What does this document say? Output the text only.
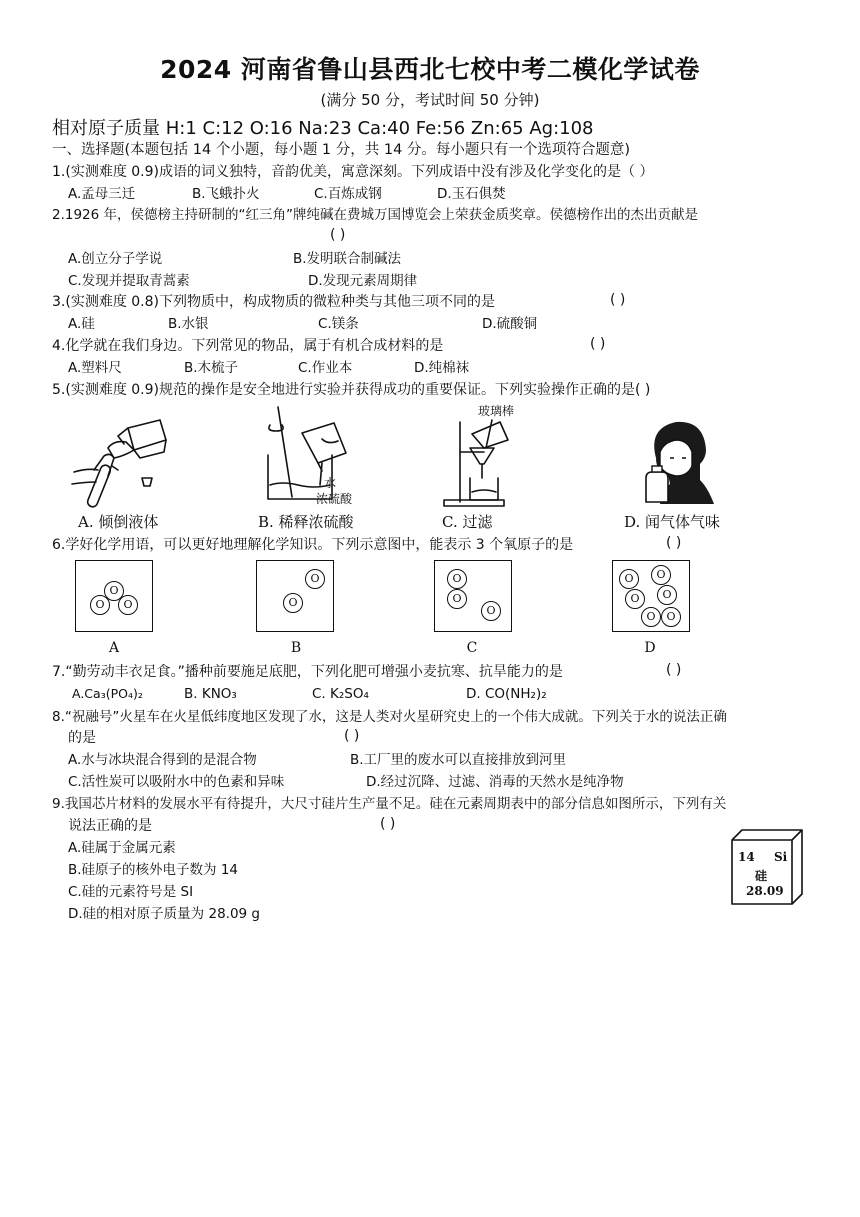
2024 河南省鲁山县西北七校中考二模化学试卷
(满分 50 分，考试时间 50 分钟)
相对原子质量 H:1 C:12 O:16 Na:23 Ca:40 Fe:56 Zn:65 Ag:108
一、选择题(本题包括 14 个小题，每小题 1 分，共 14 分。每小题只有一个选项符合题意)
1.(实测难度 0.9)成语的词义独特，音韵优美，寓意深刻。下列成语中没有涉及化学变化的是（ ）
A.孟母三迁	B.飞蛾扑火	C.百炼成钢	D.玉石俱焚
2.1926 年，侯德榜主持研制的“红三角”牌纯碱在费城万国博览会上荣获金质奖章。侯德榜作出的杰出贡献是
( )
A.创立分子学说	B.发明联合制碱法
C.发现并提取青蒿素	D.发现元素周期律
3.(实测难度 0.8)下列物质中，构成物质的微粒种类与其他三项不同的是	( )
A.硅	B.水银	C.镁条	D.硫酸铜
4.化学就在我们身边。下列常见的物品，属于有机合成材料的是	( )
A.塑料尺	B.木梳子	C.作业本	D.纯棉袜
5.(实测难度 0.9)规范的操作是安全地进行实验并获得成功的重要保证。下列实验操作正确的是( )
水
浓硫酸
玻璃棒
A. 倾倒液体	B. 稀释浓硫酸	C. 过滤	D. 闻气体气味
6.学好化学用语，可以更好地理解化学知识。下列示意图中，能表示 3 个氧原子的是	( )
O
O	O
O
O
O
O
O
O	O
O	O
O O
A	B	C	D
7.“勤劳动丰衣足食。”播种前要施足底肥，下列化肥可增强小麦抗寒、抗旱能力的是	( )
A.Ca₃(PO₄)₂	B. KNO₃	C. K₂SO₄	D. CO(NH₂)₂
8.“祝融号”火星车在火星低纬度地区发现了水，这是人类对火星研究史上的一个伟大成就。下列关于水的说法正确
的是	( )
A.水与冰块混合得到的是混合物	B.工厂里的废水可以直接排放到河里
C.活性炭可以吸附水中的色素和异味	D.经过沉降、过滤、消毒的天然水是纯净物
9.我国芯片材料的发展水平有待提升，大尺寸硅片生产量不足。硅在元素周期表中的部分信息如图所示，下列有关
说法正确的是	( )
A.硅属于金属元素
B.硅原子的核外电子数为 14
C.硅的元素符号是 SI
D.硅的相对原子质量为 28.09 g
14 Si
硅
28.09
